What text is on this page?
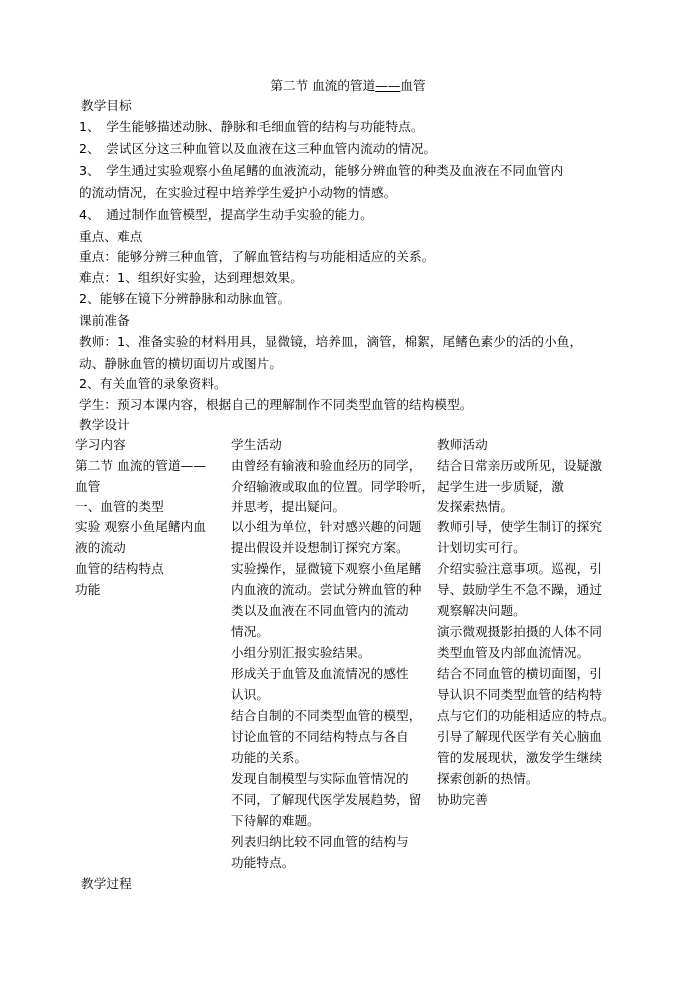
第二节 血流的管道——血管
教学目标
1、　学生能够描述动脉、静脉和毛细血管的结构与功能特点。
2、　尝试区分这三种血管以及血液在这三种血管内流动的情况。
3、　学生通过实验观察小鱼尾鳍的血液流动，能够分辨血管的种类及血液在不同血管内
的流动情况，在实验过程中培养学生爱护小动物的情感。
4、　通过制作血管模型，提高学生动手实验的能力。
重点、难点
重点：能够分辨三种血管，了解血管结构与功能相适应的关系。
难点：1、组织好实验，达到理想效果。
2、能够在镜下分辨静脉和动脉血管。
课前准备
教师：1、准备实验的材料用具，显微镜，培养皿，滴管，棉絮，尾鳍色素少的活的小鱼，
动、静脉血管的横切面切片或图片。
2、有关血管的录象资料。
学生：预习本课内容，根据自己的理解制作不同类型血管的结构模型。
教学设计
学习内容	学生活动	教师活动
第二节 血流的管道——
血管
一、血管的类型
实验 观察小鱼尾鳍内血
液的流动
血管的结构特点
功能
由曾经有输液和验血经历的同学，
介绍输液或取血的位置。同学聆听，
并思考，提出疑问。
以小组为单位，针对感兴趣的问题
提出假设并设想制订探究方案。
实验操作，显微镜下观察小鱼尾鳍
内血液的流动。尝试分辨血管的种
类以及血液在不同血管内的流动
情况。
小组分别汇报实验结果。
形成关于血管及血流情况的感性
认识。
结合自制的不同类型血管的模型，
讨论血管的不同结构特点与各自
功能的关系。
发现自制模型与实际血管情况的
不同，了解现代医学发展趋势，留
下待解的难题。
列表归纳比较不同血管的结构与
功能特点。
结合日常亲历或所见，设疑激
起学生进一步质疑，激
发探索热情。
教师引导，使学生制订的探究
计划切实可行。
介绍实验注意事项。巡视，引
导、鼓励学生不急不躁，通过
观察解决问题。
演示微观摄影拍摄的人体不同
类型血管及内部血流情况。
结合不同血管的横切面图，引
导认识不同类型血管的结构特
点与它们的功能相适应的特点。
引导了解现代医学有关心脑血
管的发展现状，激发学生继续
探索创新的热情。
协助完善
教学过程
